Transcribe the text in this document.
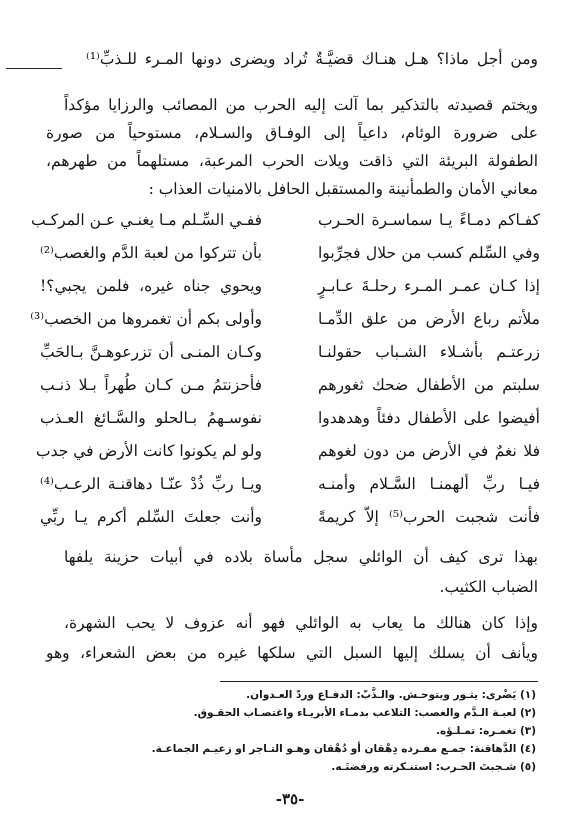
ومن أجل ماذا؟ هـل هنـاك قضيَّـةٌ تُراد ويضرى دونها المـرء للـذبِّ⁽¹⁾
ويختم قصيدته بالتذكير بما آلت إليه الحرب من المصائب والرزايا مؤكداً
على ضرورة الوئام، داعياً إلى الوفـاق والسـلام، مستوحياً من صورة
الطفولة البريئة التي ذاقت ويلات الحرب المرعبة، مستلهماً من طهرهم،
معاني الأمان والطمأنينة والمستقبل الحافل بالامنيات العذاب :
كفـاكم دمـاءً يـا سماسـرة الحـرب
ففـي السِّـلم مـا يغنـي عـن المركـب
وفي السِّلم كسب من حلال فجرِّبوا
بأن تتركوا من لعبة الدَّم والغصب⁽²⁾
إذا كـان عمـر المـرء رحلـةَ عـابـرٍ
ويحوي جناه غيره، فلمن يجبي؟!
ملأتم رباع الأرض من علق الدِّمـا
وأولى بكم أن تغمروها من الخصب⁽³⁾
زرعتـم بأشـلاء الشـباب حقولنـا
وكـان المنـى أن تزرعوهـنَّ بـالحَبِّ
سلبتم من الأطفال ضحك ثغورهم
فأحزنتمُ مـن كـان طُهراً بـلا ذنـب
أفيضوا على الأطفال دفئاً وهدهدوا
نفوسـهمُ بـالحلو والسَّـائغ العـذب
فلا نغمٌ في الأرض من دون لغوهم
ولو لم يكونوا كانت الأرض في جدب
فيـا ربِّ ألهمنـا السَّـلام وأمنـه
ويـا ربِّ ذُدْ عنّـا دهاقنـة الرعـب⁽⁴⁾
فأنت شجبت الحرب⁽⁵⁾ إلاّ كريمةً
وأنت جعلتَ السِّلم أكرم يـا ربِّي
بهذا ترى كيف أن الوائلي سجل مأساة بلاده في أبيات حزينة يلفها
الضباب الكثيب.
وإذا كان هنالك ما يعاب به الوائلي فهو أنه عزوف لا يحب الشهرة،
ويأنف أن يسلك إليها السبل التي سلكها غيره من بعض الشعراء، وهو
(١) يَضْرى: يثـور ويتوحـش. والـذَّبّ: الدفـاع وردّ العـدوان.
(٢) لعبـة الـدَّم والغصب: التلاعب بدمـاء الأبريـاء واغتصـاب الحقـوق.
(٣) تغمـره: تمـلـؤه.
(٤) الدَّهاقنة: جمـع مفـرده دِهْقان أو دُهْقان وهـو التـاجر او زعيـم الجماعـة.
(٥) شـجبتَ الحـرب: استنـكرته ورفضتَـه.
-٣٥-
